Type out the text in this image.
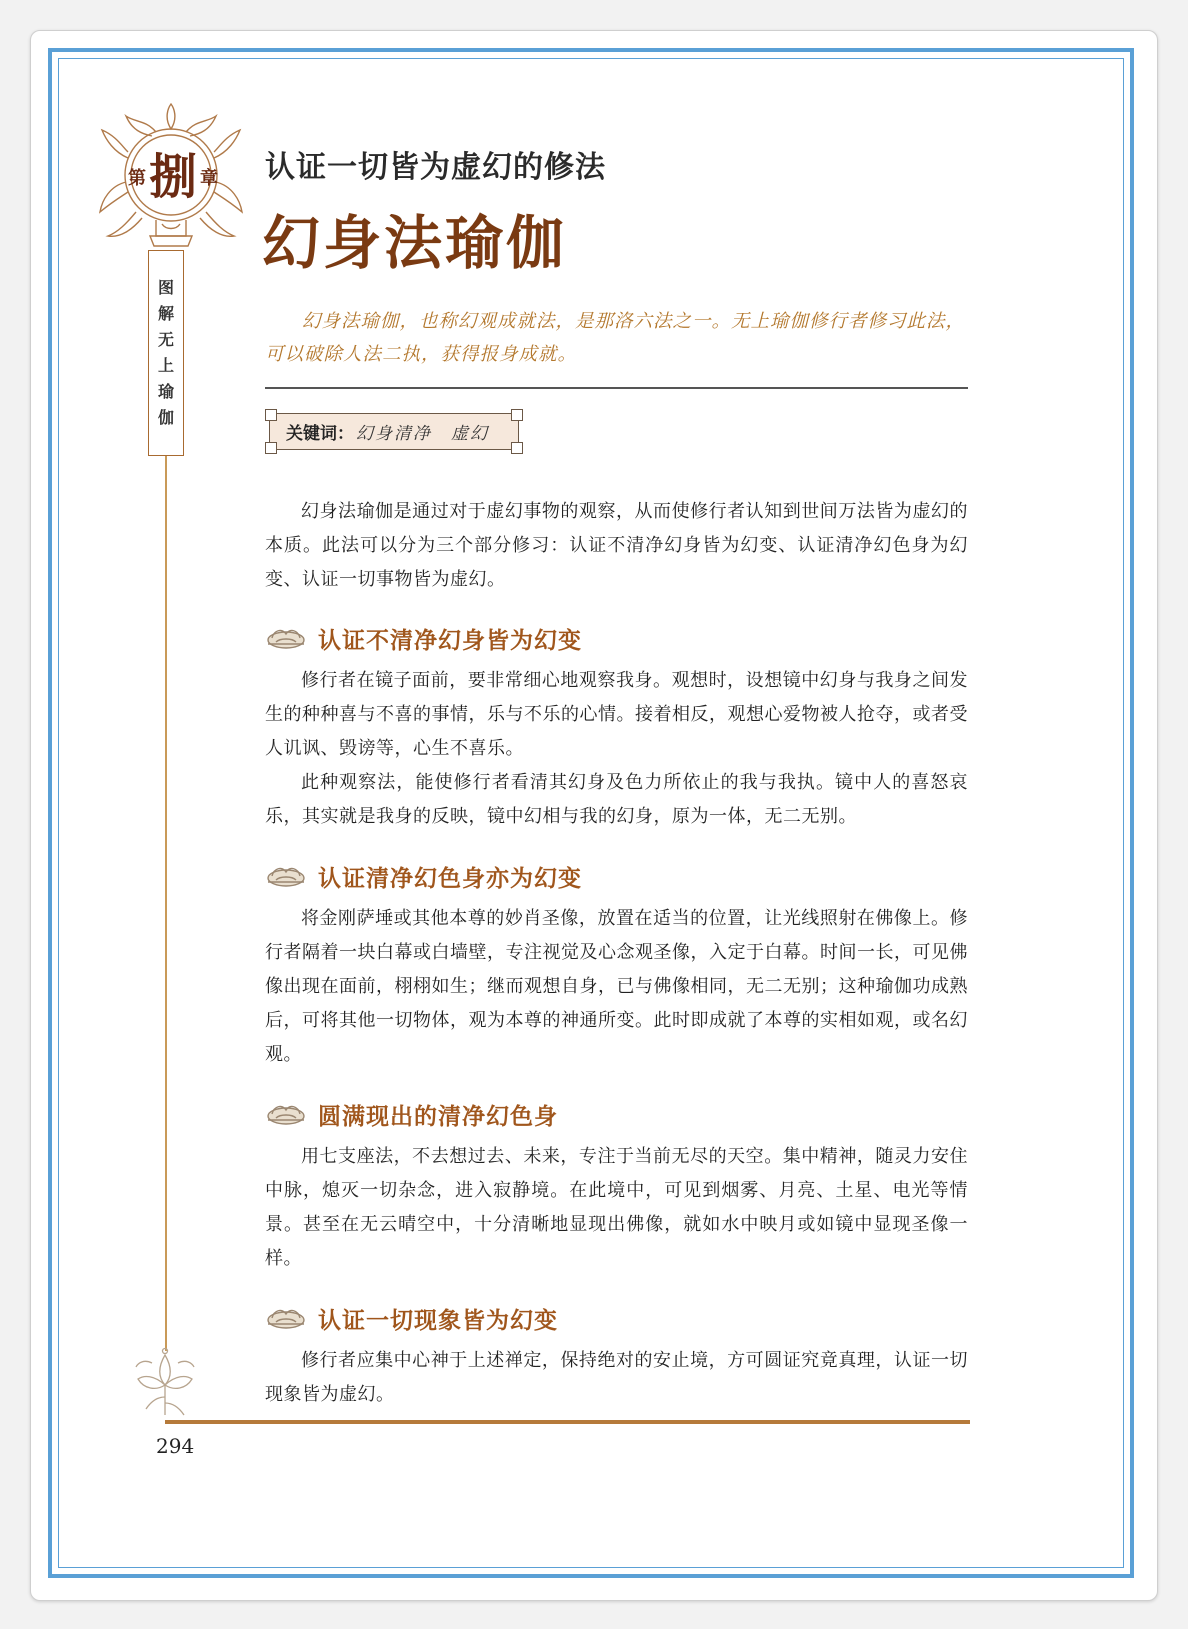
第 捌 章
图
解
无
上
瑜
伽
认证一切皆为虚幻的修法
幻身法瑜伽

幻身法瑜伽，也称幻观成就法，是那洛六法之一。无上瑜伽修行者修习此法，可以破除人法二执，获得报身成就。

关键词： 幻身清净　虚幻

幻身法瑜伽是通过对于虚幻事物的观察，从而使修行者认知到世间万法皆为虚幻的本质。此法可以分为三个部分修习：认证不清净幻身皆为幻变、认证清净幻色身为幻变、认证一切事物皆为虚幻。

认证不清净幻身皆为幻变

修行者在镜子面前，要非常细心地观察我身。观想时，设想镜中幻身与我身之间发生的种种喜与不喜的事情，乐与不乐的心情。接着相反，观想心爱物被人抢夺，或者受人讥讽、毁谤等，心生不喜乐。

此种观察法，能使修行者看清其幻身及色力所依止的我与我执。镜中人的喜怒哀乐，其实就是我身的反映，镜中幻相与我的幻身，原为一体，无二无别。

认证清净幻色身亦为幻变

将金刚萨埵或其他本尊的妙肖圣像，放置在适当的位置，让光线照射在佛像上。修行者隔着一块白幕或白墙壁，专注视觉及心念观圣像，入定于白幕。时间一长，可见佛像出现在面前，栩栩如生；继而观想自身，已与佛像相同，无二无别；这种瑜伽功成熟后，可将其他一切物体，观为本尊的神通所变。此时即成就了本尊的实相如观，或名幻观。

圆满现出的清净幻色身

用七支座法，不去想过去、未来，专注于当前无尽的天空。集中精神，随灵力安住中脉，熄灭一切杂念，进入寂静境。在此境中，可见到烟雾、月亮、土星、电光等情景。甚至在无云晴空中，十分清晰地显现出佛像，就如水中映月或如镜中显现圣像一样。

认证一切现象皆为幻变

修行者应集中心神于上述禅定，保持绝对的安止境，方可圆证究竟真理，认证一切现象皆为虚幻。

294
